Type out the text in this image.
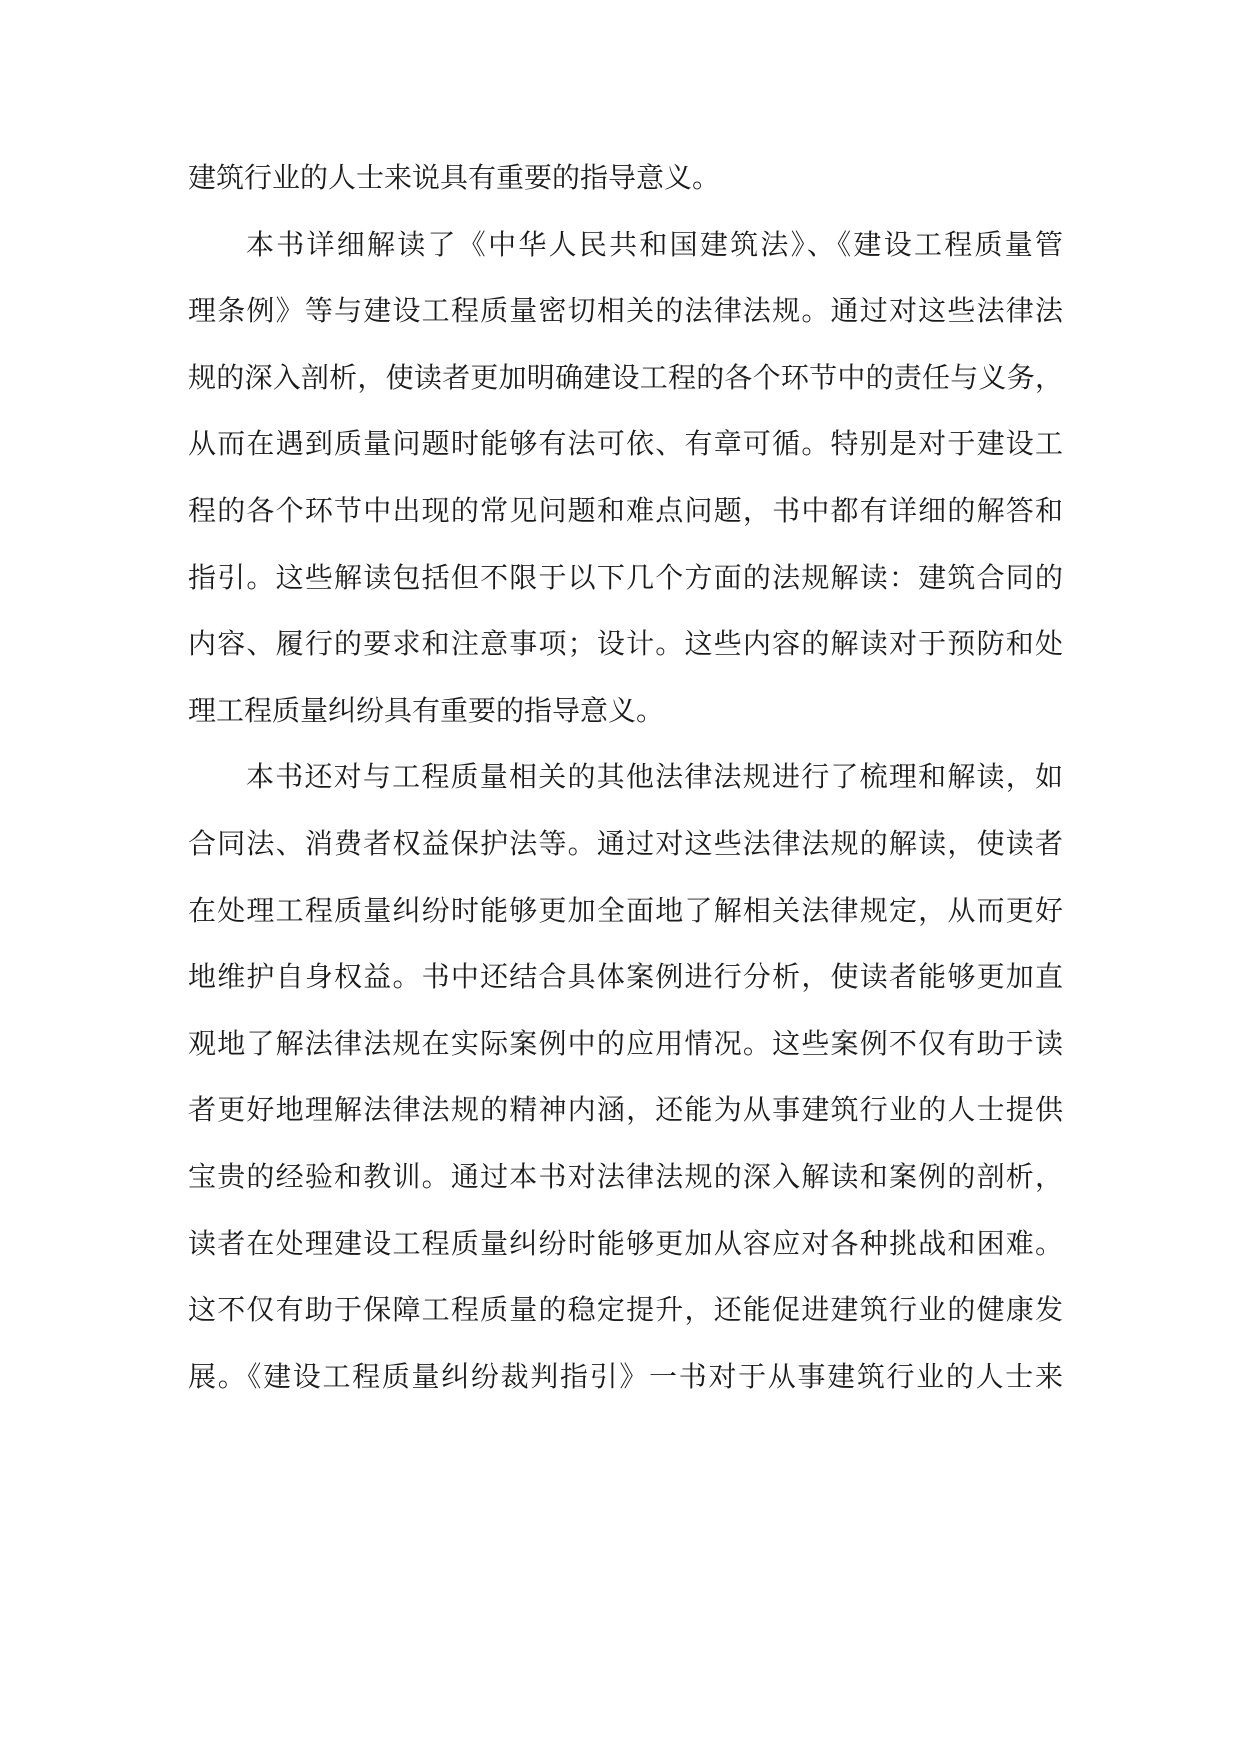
建筑行业的人士来说具有重要的指导意义。
本书详细解读了《中华人民共和国建筑法》、《建设工程质量管
理条例》等与建设工程质量密切相关的法律法规。通过对这些法律法
规的深入剖析，使读者更加明确建设工程的各个环节中的责任与义务，
从而在遇到质量问题时能够有法可依、有章可循。特别是对于建设工
程的各个环节中出现的常见问题和难点问题，书中都有详细的解答和
指引。这些解读包括但不限于以下几个方面的法规解读：建筑合同的
内容、履行的要求和注意事项；设计。这些内容的解读对于预防和处
理工程质量纠纷具有重要的指导意义。
本书还对与工程质量相关的其他法律法规进行了梳理和解读，如
合同法、消费者权益保护法等。通过对这些法律法规的解读，使读者
在处理工程质量纠纷时能够更加全面地了解相关法律规定，从而更好
地维护自身权益。书中还结合具体案例进行分析，使读者能够更加直
观地了解法律法规在实际案例中的应用情况。这些案例不仅有助于读
者更好地理解法律法规的精神内涵，还能为从事建筑行业的人士提供
宝贵的经验和教训。通过本书对法律法规的深入解读和案例的剖析，
读者在处理建设工程质量纠纷时能够更加从容应对各种挑战和困难。
这不仅有助于保障工程质量的稳定提升，还能促进建筑行业的健康发
展。《建设工程质量纠纷裁判指引》一书对于从事建筑行业的人士来
